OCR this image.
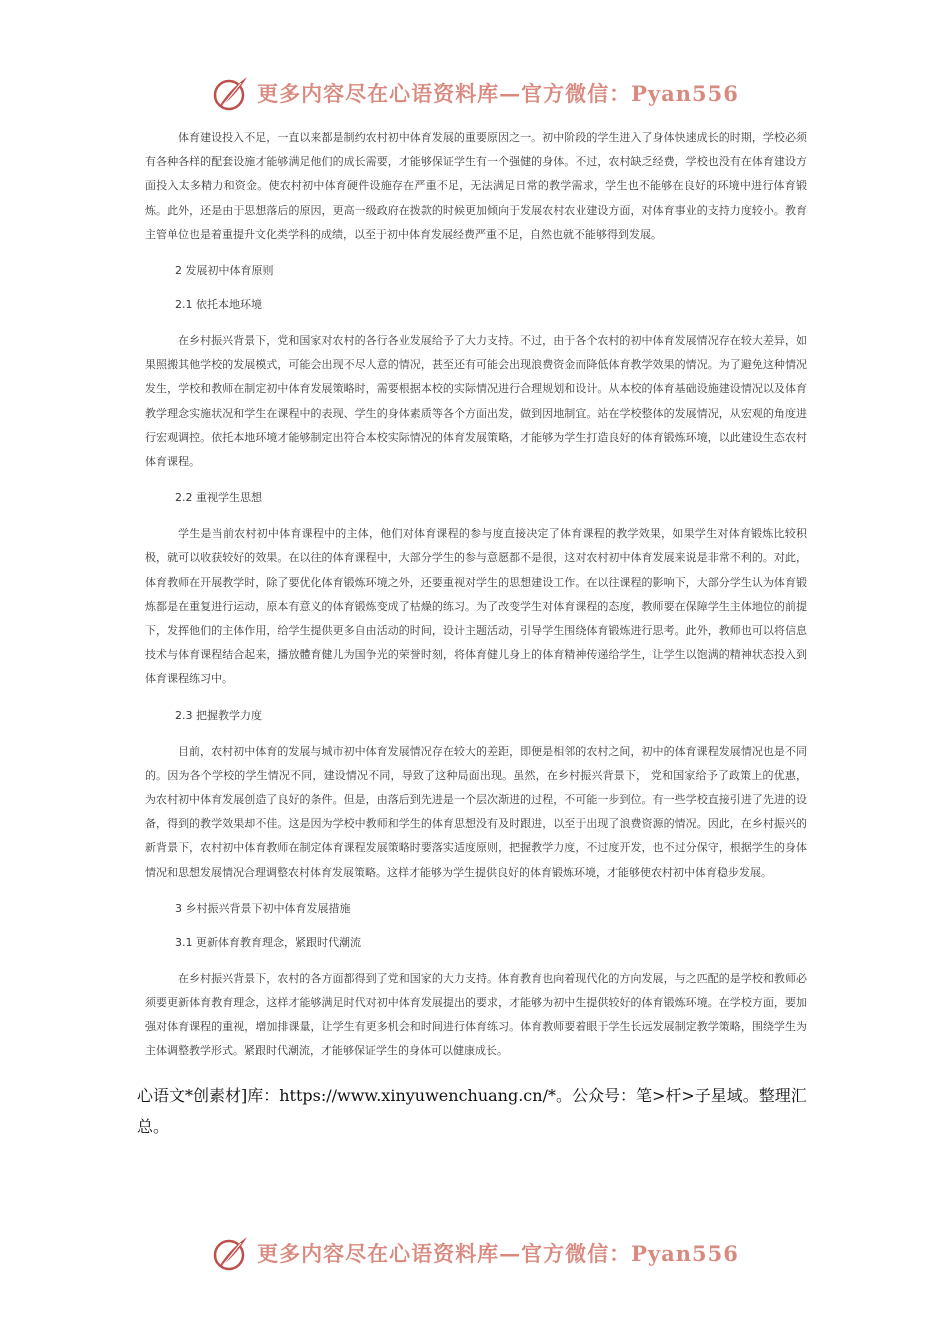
更多内容尽在心语资料库—官方微信：Pyan556

体育建设投入不足，一直以来都是制约农村初中体育发展的重要原因之一。初中阶段的学生进入了身体快速成长的时期，学校必须有各种各样的配套设施才能够满足他们的成长需要，才能够保证学生有一个强健的身体。不过，农村缺乏经费，学校也没有在体育建设方面投入太多精力和资金。使农村初中体育硬件设施存在严重不足，无法满足日常的教学需求，学生也不能够在良好的环境中进行体育锻炼。此外，还是由于思想落后的原因，更高一级政府在拨款的时候更加倾向于发展农村农业建设方面，对体育事业的支持力度较小。教育主管单位也是着重提升文化类学科的成绩，以至于初中体育发展经费严重不足，自然也就不能够得到发展。

2 发展初中体育原则
2.1 依托本地环境

在乡村振兴背景下，党和国家对农村的各行各业发展给予了大力支持。不过，由于各个农村的初中体育发展情况存在较大差异，如果照搬其他学校的发展模式，可能会出现不尽人意的情况，甚至还有可能会出现浪费资金而降低体育教学效果的情况。为了避免这种情况发生，学校和教师在制定初中体育发展策略时，需要根据本校的实际情况进行合理规划和设计。从本校的体育基础设施建设情况以及体育教学理念实施状况和学生在课程中的表现、学生的身体素质等各个方面出发，做到因地制宜。站在学校整体的发展情况，从宏观的角度进行宏观调控。依托本地环境才能够制定出符合本校实际情况的体育发展策略，才能够为学生打造良好的体育锻炼环境，以此建设生态农村体育课程。

2.2 重视学生思想

学生是当前农村初中体育课程中的主体，他们对体育课程的参与度直接决定了体育课程的教学效果，如果学生对体育锻炼比较积极，就可以收获较好的效果。在以往的体育课程中，大部分学生的参与意愿都不是很，这对农村初中体育发展来说是非常不利的。对此，体育教师在开展教学时，除了要优化体育锻炼环境之外，还要重视对学生的思想建设工作。在以往课程的影响下，大部分学生认为体育锻炼都是在重复进行运动，原本有意义的体育锻炼变成了枯燥的练习。为了改变学生对体育课程的态度，教师要在保障学生主体地位的前提下，发挥他们的主体作用，给学生提供更多自由活动的时间，设计主题活动，引导学生围绕体育锻炼进行思考。此外，教师也可以将信息技术与体育课程结合起来，播放體育健儿为国争光的荣誉时刻，将体育健儿身上的体育精神传递给学生，让学生以饱满的精神状态投入到体育课程练习中。

2.3 把握教学力度

目前，农村初中体育的发展与城市初中体育发展情况存在较大的差距，即便是相邻的农村之间，初中的体育课程发展情况也是不同的。因为各个学校的学生情况不同，建设情况不同，导致了这种局面出现。虽然，在乡村振兴背景下， 党和国家给予了政策上的优惠，为农村初中体育发展创造了良好的条件。但是，由落后到先进是一个层次渐进的过程，不可能一步到位。有一些学校直接引进了先进的设备，得到的教学效果却不佳。这是因为学校中教师和学生的体育思想没有及时跟进，以至于出现了浪费资源的情况。因此，在乡村振兴的新背景下，农村初中体育教师在制定体育课程发展策略时要落实适度原则，把握教学力度，不过度开发，也不过分保守，根据学生的身体情况和思想发展情况合理调整农村体育发展策略。这样才能够为学生提供良好的体育锻炼环境，才能够使农村初中体育稳步发展。

3 乡村振兴背景下初中体育发展措施
3.1 更新体育教育理念，紧跟时代潮流

在乡村振兴背景下，农村的各方面都得到了党和国家的大力支持。体育教育也向着现代化的方向发展，与之匹配的是学校和教师必须要更新体育教育理念，这样才能够满足时代对初中体育发展提出的要求，才能够为初中生提供较好的体育锻炼环境。在学校方面，要加强对体育课程的重视，增加排课量，让学生有更多机会和时间进行体育练习。体育教师要着眼于学生长远发展制定教学策略，围绕学生为主体调整教学形式。紧跟时代潮流，才能够保证学生的身体可以健康成长。

心语文*创素材]库：https://www.xinyuwenchuang.cn/*。公众号：笔>杆>子星域。整理汇总。

更多内容尽在心语资料库—官方微信：Pyan556
